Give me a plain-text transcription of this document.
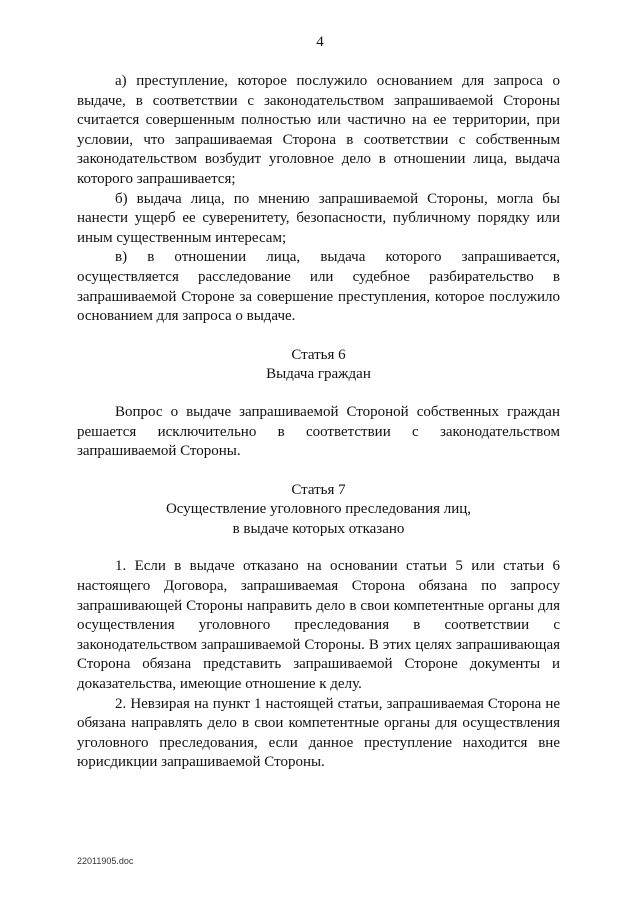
4

а) преступление, которое послужило основанием для запроса о выдаче, в соответствии с законодательством запрашиваемой Стороны считается совершенным полностью или частично на ее территории, при условии, что запрашиваемая Сторона в соответствии с собственным законодательством возбудит уголовное дело в отношении лица, выдача которого запрашивается;

б) выдача лица, по мнению запрашиваемой Стороны, могла бы нанести ущерб ее суверенитету, безопасности, публичному порядку или иным существенным интересам;

в) в отношении лица, выдача которого запрашивается, осуществляется расследование или судебное разбирательство в запрашиваемой Стороне за совершение преступления, которое послужило основанием для запроса о выдаче.

Статья 6
Выдача граждан

Вопрос о выдаче запрашиваемой Стороной собственных граждан решается исключительно в соответствии с законодательством запрашиваемой Стороны.

Статья 7
Осуществление уголовного преследования лиц,
в выдаче которых отказано

1. Если в выдаче отказано на основании статьи 5 или статьи 6 настоящего Договора, запрашиваемая Сторона обязана по запросу запрашивающей Стороны направить дело в свои компетентные органы для осуществления уголовного преследования в соответствии с законодательством запрашиваемой Стороны. В этих целях запрашивающая Сторона обязана представить запрашиваемой Стороне документы и доказательства, имеющие отношение к делу.

2. Невзирая на пункт 1 настоящей статьи, запрашиваемая Сторона не обязана направлять дело в свои компетентные органы для осуществления уголовного преследования, если данное преступление находится вне юрисдикции запрашиваемой Стороны.

22011905.doc
